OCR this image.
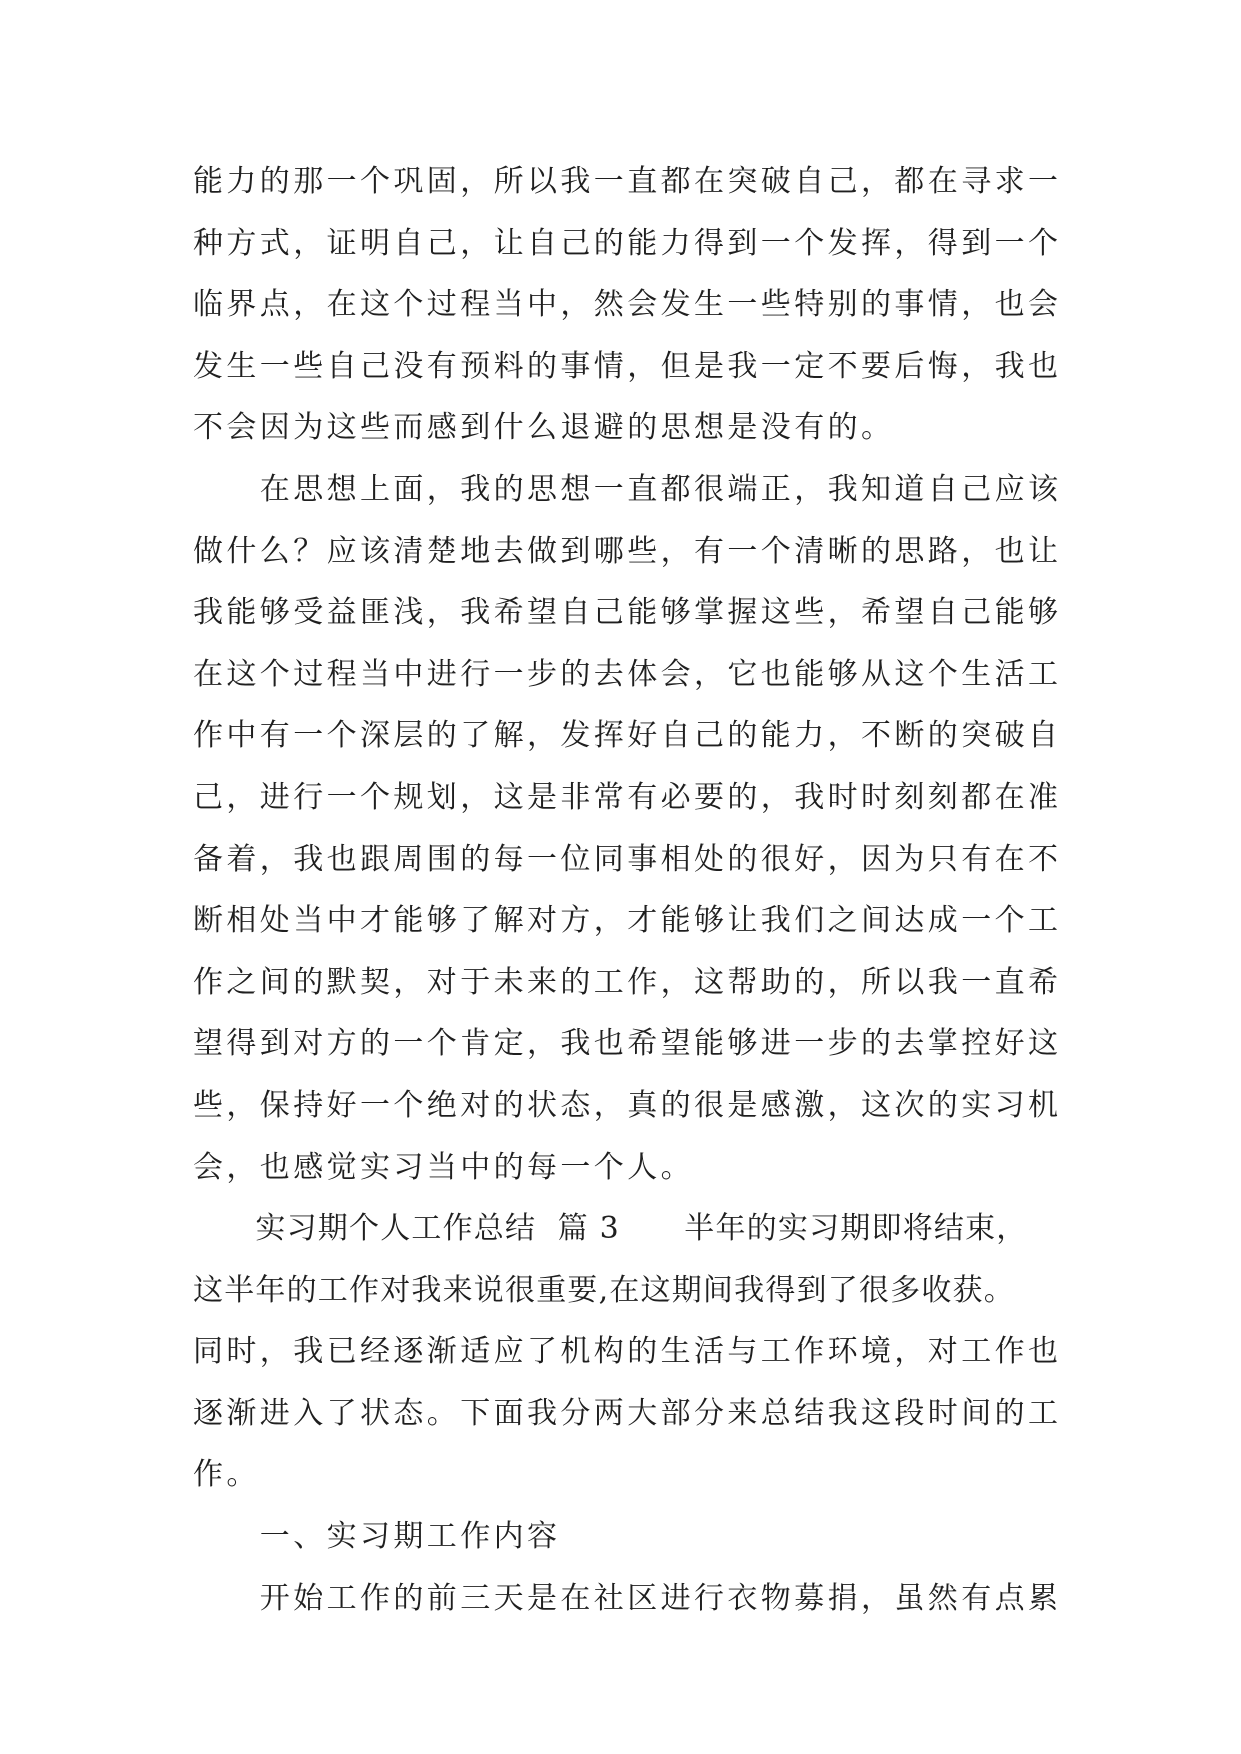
能力的那一个巩固，所以我一直都在突破自己，都在寻求一
种方式，证明自己，让自己的能力得到一个发挥，得到一个
临界点，在这个过程当中，然会发生一些特别的事情，也会
发生一些自己没有预料的事情，但是我一定不要后悔，我也
不会因为这些而感到什么退避的思想是没有的。
　　在思想上面，我的思想一直都很端正，我知道自己应该
做什么？应该清楚地去做到哪些，有一个清晰的思路，也让
我能够受益匪浅，我希望自己能够掌握这些，希望自己能够
在这个过程当中进行一步的去体会，它也能够从这个生活工
作中有一个深层的了解，发挥好自己的能力，不断的突破自
己，进行一个规划，这是非常有必要的，我时时刻刻都在准
备着，我也跟周围的每一位同事相处的很好，因为只有在不
断相处当中才能够了解对方，才能够让我们之间达成一个工
作之间的默契，对于未来的工作，这帮助的，所以我一直希
望得到对方的一个肯定，我也希望能够进一步的去掌控好这
些，保持好一个绝对的状态，真的很是感激，这次的实习机
会，也感觉实习当中的每一个人。
　　实习期个人工作总结  篇 3      半年的实习期即将结束，
这半年的工作对我来说很重要,在这期间我得到了很多收获。
同时，我已经逐渐适应了机构的生活与工作环境，对工作也
逐渐进入了状态。下面我分两大部分来总结我这段时间的工
作。
　　一、实习期工作内容
　　开始工作的前三天是在社区进行衣物募捐，虽然有点累
